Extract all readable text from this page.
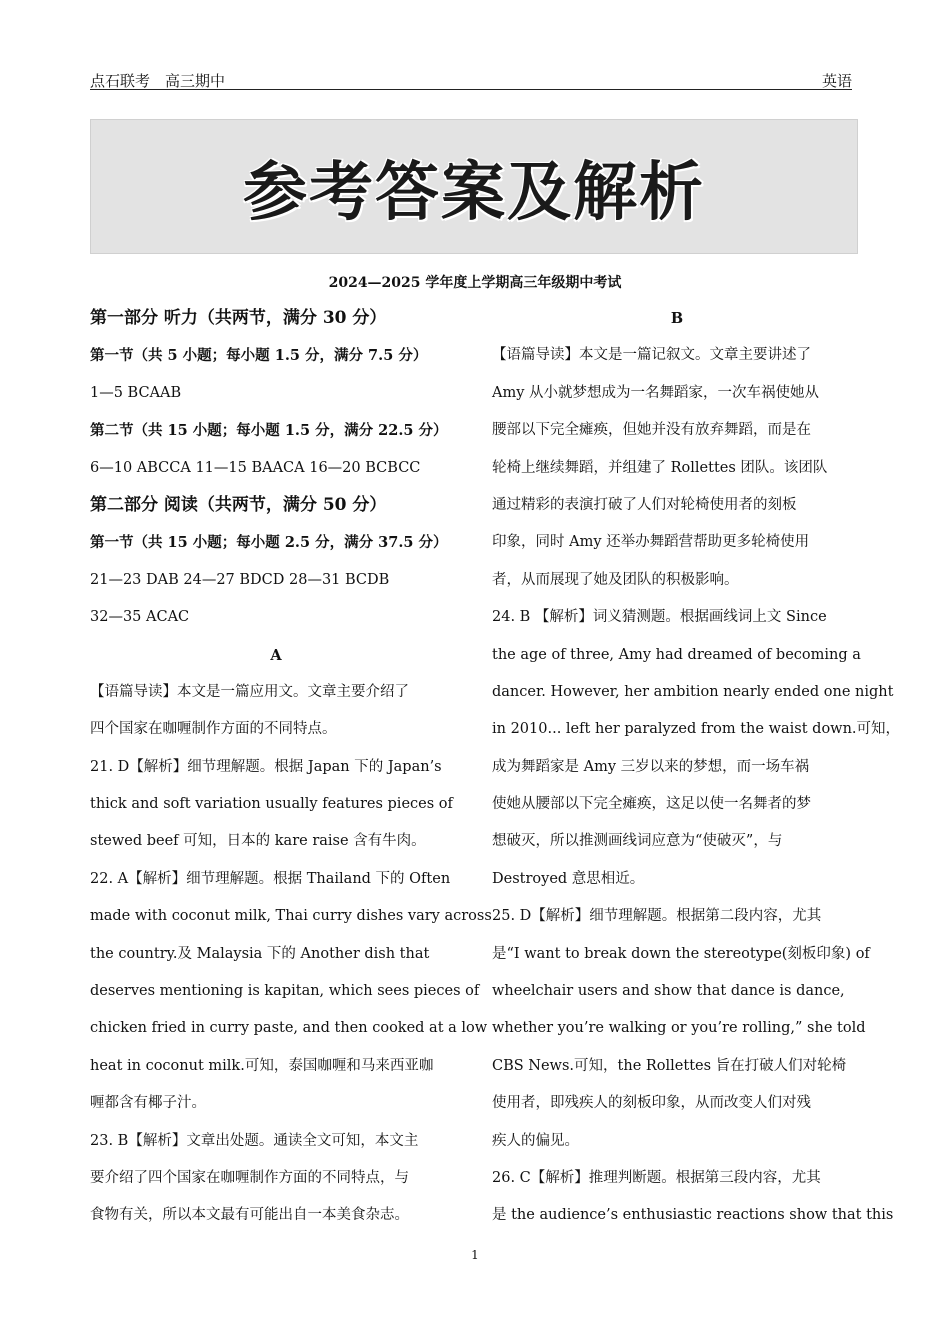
点石联考　高三期中	英语
参考答案及解析
2024—2025 学年度上学期高三年级期中考试
第一部分 听力（共两节，满分 30 分）
第一节（共 5 小题；每小题 1.5 分，满分 7.5 分）
1—5 BCAAB
第二节（共 15 小题；每小题 1.5 分，满分 22.5 分）
6—10 ABCCA 11—15 BAACA 16—20 BCBCC
第二部分 阅读（共两节，满分 50 分）
第一节（共 15 小题；每小题 2.5 分，满分 37.5 分）
21—23 DAB 24—27 BDCD 28—31 BCDB
32—35 ACAC
A
【语篇导读】本文是一篇应用文。文章主要介绍了
四个国家在咖喱制作方面的不同特点。
21. D【解析】细节理解题。根据 Japan 下的 Japan’s
thick and soft variation usually features pieces of
stewed beef 可知，日本的 kare raise 含有牛肉。
22. A【解析】细节理解题。根据 Thailand 下的 Often
made with coconut milk, Thai curry dishes vary across
the country.及 Malaysia 下的 Another dish that
deserves mentioning is kapitan, which sees pieces of
chicken fried in curry paste, and then cooked at a low
heat in coconut milk.可知，泰国咖喱和马来西亚咖
喱都含有椰子汁。
23. B【解析】文章出处题。通读全文可知，本文主
要介绍了四个国家在咖喱制作方面的不同特点，与
食物有关，所以本文最有可能出自一本美食杂志。
B
【语篇导读】本文是一篇记叙文。文章主要讲述了
Amy 从小就梦想成为一名舞蹈家，一次车祸使她从
腰部以下完全瘫痪，但她并没有放弃舞蹈，而是在
轮椅上继续舞蹈，并组建了 Rollettes 团队。该团队
通过精彩的表演打破了人们对轮椅使用者的刻板
印象，同时 Amy 还举办舞蹈营帮助更多轮椅使用
者，从而展现了她及团队的积极影响。
24. B 【解析】词义猜测题。根据画线词上文 Since
the age of three, Amy had dreamed of becoming a
dancer. However, her ambition nearly ended one night
in 2010... left her paralyzed from the waist down.可知，
成为舞蹈家是 Amy 三岁以来的梦想，而一场车祸
使她从腰部以下完全瘫痪，这足以使一名舞者的梦
想破灭，所以推测画线词应意为“使破灭”，与
Destroyed 意思相近。
25. D【解析】细节理解题。根据第二段内容，尤其
是“I want to break down the stereotype(刻板印象) of
wheelchair users and show that dance is dance,
whether you’re walking or you’re rolling,” she told
CBS News.可知，the Rollettes 旨在打破人们对轮椅
使用者，即残疾人的刻板印象，从而改变人们对残
疾人的偏见。
26. C【解析】推理判断题。根据第三段内容，尤其
是 the audience’s enthusiastic reactions show that this
1
